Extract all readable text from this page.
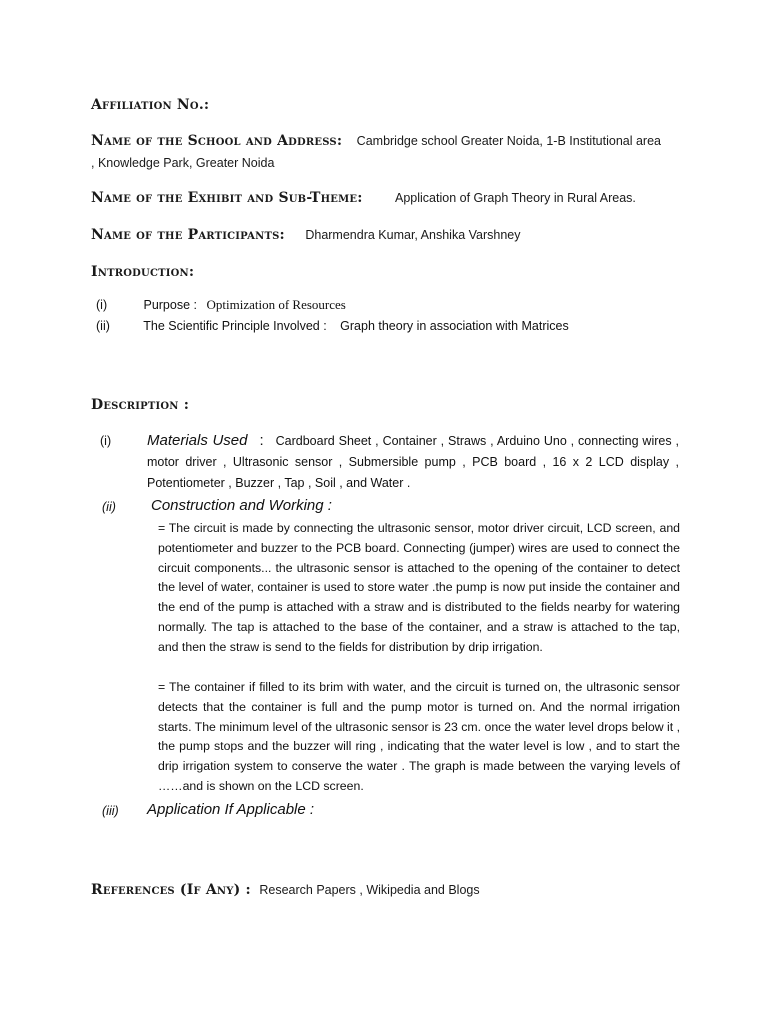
Affiliation No.:
Name of the School and Address: Cambridge school Greater Noida, 1-B Institutional area
, Knowledge Park, Greater Noida
Name of the Exhibit and Sub-Theme:	Application of Graph Theory in Rural Areas.
Name of the Participants: Dharmendra Kumar, Anshika Varshney
Introduction:
(i)	Purpose : Optimization of Resources
(ii)	The Scientific Principle Involved : Graph theory in association with Matrices
Description :
(i) Materials Used : Cardboard Sheet , Container , Straws , Arduino Uno , connecting wires , motor driver , Ultrasonic sensor , Submersible pump , PCB board , 16 x 2 LCD display , Potentiometer , Buzzer , Tap , Soil , and Water .
(ii) Construction and Working :
= The circuit is made by connecting the ultrasonic sensor, motor driver circuit, LCD screen, and potentiometer and buzzer to the PCB board. Connecting (jumper) wires are used to connect the circuit components... the ultrasonic sensor is attached to the opening of the container to detect the level of water, container is used to store water .the pump is now put inside the container and the end of the pump is attached with a straw and is distributed to the fields nearby for watering normally. The tap is attached to the base of the container, and a straw is attached to the tap, and then the straw is send to the fields for distribution by drip irrigation.
= The container if filled to its brim with water, and the circuit is turned on, the ultrasonic sensor detects that the container is full and the pump motor is turned on. And the normal irrigation starts. The minimum level of the ultrasonic sensor is 23 cm. once the water level drops below it , the pump stops and the buzzer will ring , indicating that the water level is low , and to start the drip irrigation system to conserve the water . The graph is made between the varying levels of ……and is shown on the LCD screen.
(iii) Application If Applicable :
References (If Any) : Research Papers , Wikipedia and Blogs
